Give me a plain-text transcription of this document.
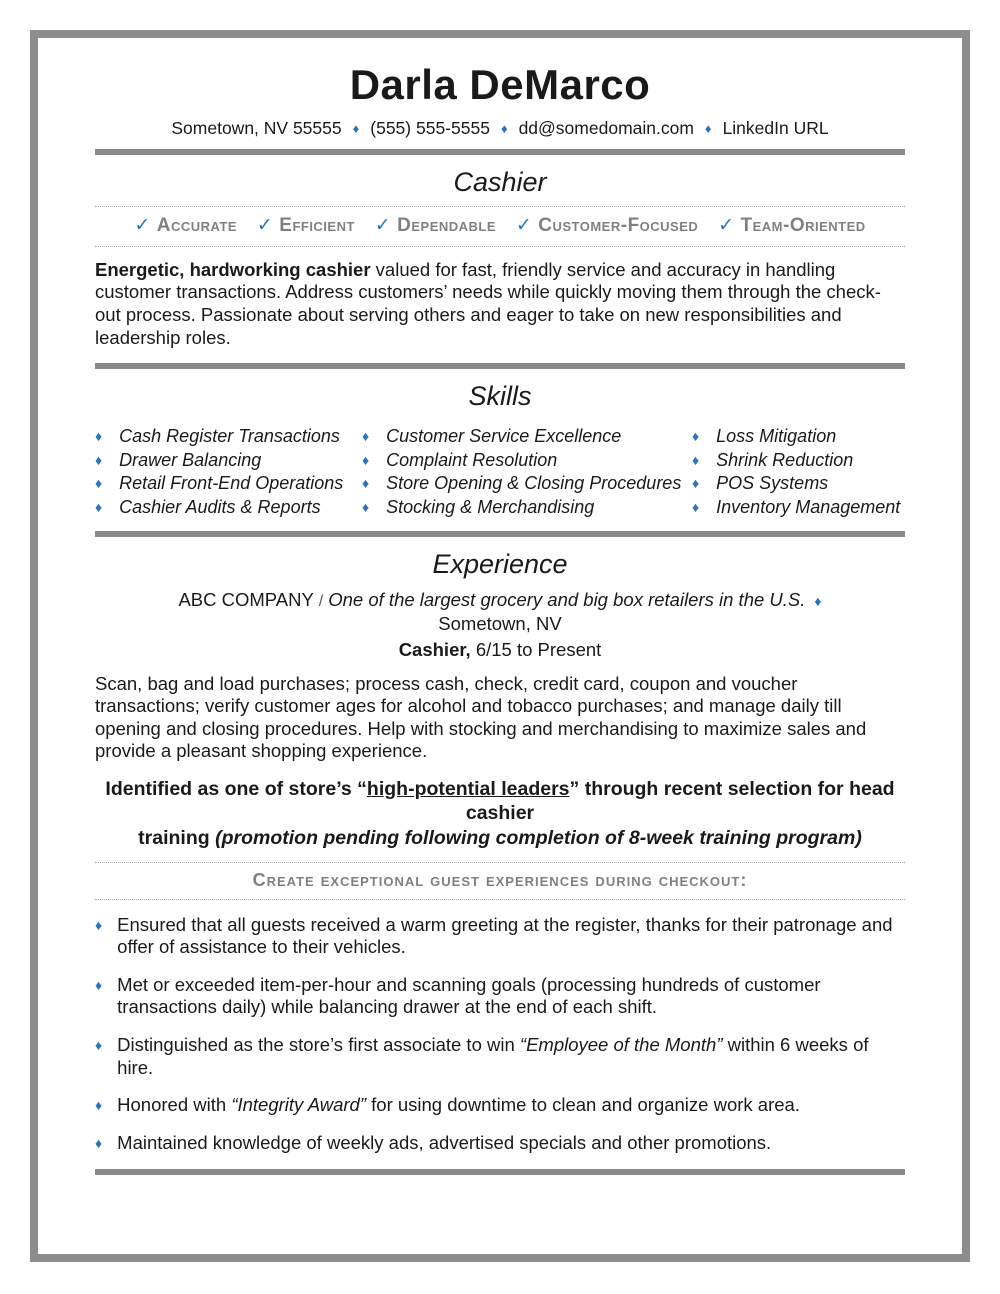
Darla DeMarco
Sometown, NV 55555 ♦ (555) 555-5555 ♦ dd@somedomain.com ♦ LinkedIn URL
Cashier
✓ Accurate ✓ Efficient ✓ Dependable ✓ Customer-Focused ✓ Team-Oriented

Energetic, hardworking cashier valued for fast, friendly service and accuracy in handling customer transactions. Address customers’ needs while quickly moving them through the check-out process. Passionate about serving others and eager to take on new responsibilities and leadership roles.

Skills
♦ Cash Register Transactions
♦ Drawer Balancing
♦ Retail Front-End Operations
♦ Cashier Audits & Reports
♦ Customer Service Excellence
♦ Complaint Resolution
♦ Store Opening & Closing Procedures
♦ Stocking & Merchandising
♦ Loss Mitigation
♦ Shrink Reduction
♦ POS Systems
♦ Inventory Management
Experience

ABC COMPANY / One of the largest grocery and big box retailers in the U.S. ♦
Sometown, NV

Cashier, 6/15 to Present

Scan, bag and load purchases; process cash, check, credit card, coupon and voucher transactions; verify customer ages for alcohol and tobacco purchases; and manage daily till opening and closing procedures. Help with stocking and merchandising to maximize sales and provide a pleasant shopping experience.

Identified as one of store’s “high-potential leaders” through recent selection for head cashier
training (promotion pending following completion of 8-week training program)

Create exceptional guest experiences during checkout:
♦ Ensured that all guests received a warm greeting at the register, thanks for their patronage and offer of assistance to their vehicles.
♦ Met or exceeded item-per-hour and scanning goals (processing hundreds of customer transactions daily) while balancing drawer at the end of each shift.
♦ Distinguished as the store’s first associate to win “Employee of the Month” within 6 weeks of hire.
♦ Honored with “Integrity Award” for using downtime to clean and organize work area.
♦ Maintained knowledge of weekly ads, advertised specials and other promotions.
